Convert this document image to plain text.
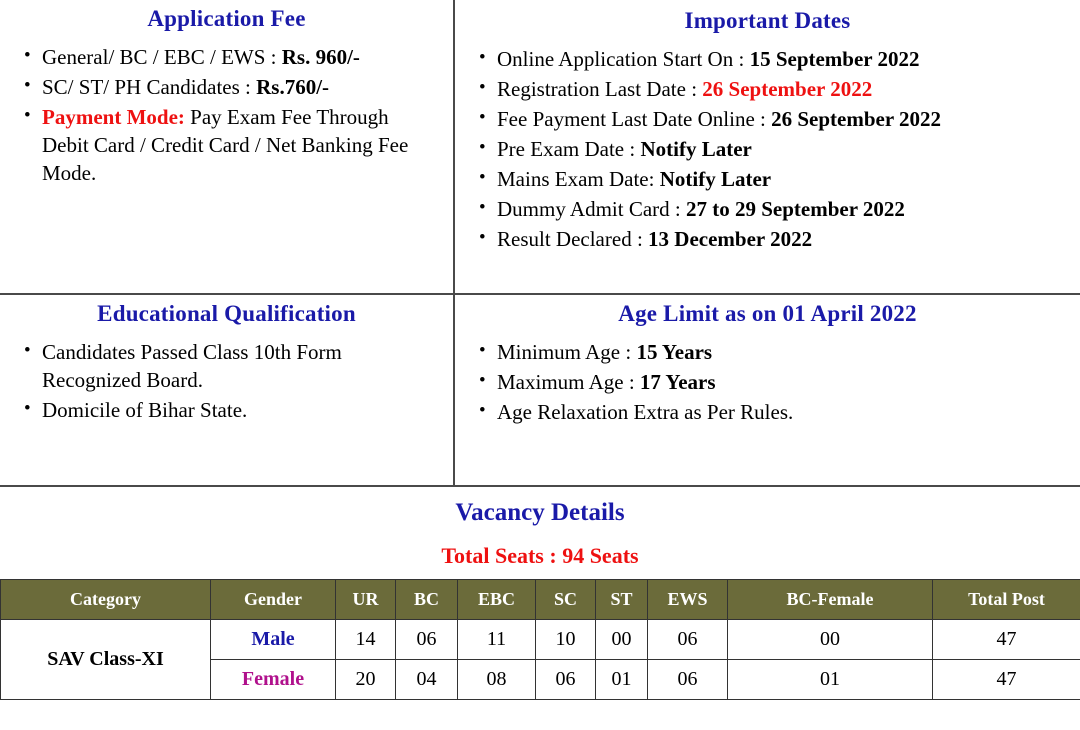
Application Fee
• General/ BC / EBC / EWS : Rs. 960/-
• SC/ ST/ PH Candidates : Rs.760/-
• Payment Mode: Pay Exam Fee Through Debit Card / Credit Card / Net Banking Fee Mode.
Important Dates
• Online Application Start On : 15 September 2022
• Registration Last Date : 26 September 2022
• Fee Payment Last Date Online : 26 September 2022
• Pre Exam Date : Notify Later
• Mains Exam Date: Notify Later
• Dummy Admit Card : 27 to 29 September 2022
• Result Declared : 13 December 2022
Educational Qualification
• Candidates Passed Class 10th Form Recognized Board.
• Domicile of Bihar State.
Age Limit as on 01 April 2022
• Minimum Age : 15 Years
• Maximum Age : 17 Years
• Age Relaxation Extra as Per Rules.
Vacancy Details
Total Seats : 94 Seats
Category	Gender	UR	BC	EBC	SC	ST	EWS	BC-Female	Total Post
SAV Class-XI	Male	14	06	11	10	00	06	00	47
	Female	20	04	08	06	01	06	01	47
